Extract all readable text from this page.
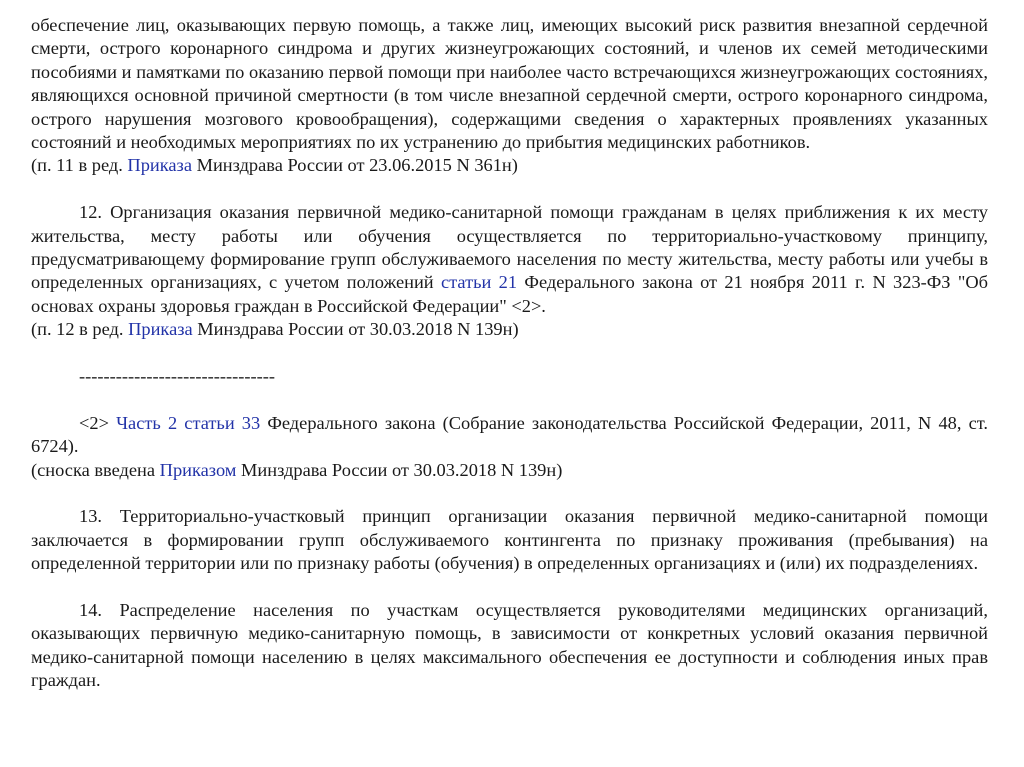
обеспечение лиц, оказывающих первую помощь, а также лиц, имеющих высокий риск развития внезапной сердечной смерти, острого коронарного синдрома и других жизнеугрожающих состояний, и членов их семей методическими пособиями и памятками по оказанию первой помощи при наиболее часто встречающихся жизнеугрожающих состояниях, являющихся основной причиной смертности (в том числе внезапной сердечной смерти, острого коронарного синдрома, острого нарушения мозгового кровообращения), содержащими сведения о характерных проявлениях указанных состояний и необходимых мероприятиях по их устранению до прибытия медицинских работников.

(п. 11 в ред. Приказа Минздрава России от 23.06.2015 N 361н)

12. Организация оказания первичной медико-санитарной помощи гражданам в целях приближения к их месту жительства, месту работы или обучения осуществляется по территориально-участковому принципу, предусматривающему формирование групп обслуживаемого населения по месту жительства, месту работы или учебы в определенных организациях, с учетом положений статьи 21 Федерального закона от 21 ноября 2011 г. N 323-ФЗ "Об основах охраны здоровья граждан в Российской Федерации" <2>.

(п. 12 в ред. Приказа Минздрава России от 30.03.2018 N 139н)

--------------------------------

<2> Часть 2 статьи 33 Федерального закона (Собрание законодательства Российской Федерации, 2011, N 48, ст. 6724).

(сноска введена Приказом Минздрава России от 30.03.2018 N 139н)

13. Территориально-участковый принцип организации оказания первичной медико-санитарной помощи заключается в формировании групп обслуживаемого контингента по признаку проживания (пребывания) на определенной территории или по признаку работы (обучения) в определенных организациях и (или) их подразделениях.

14. Распределение населения по участкам осуществляется руководителями медицинских организаций, оказывающих первичную медико-санитарную помощь, в зависимости от конкретных условий оказания первичной медико-санитарной помощи населению в целях максимального обеспечения ее доступности и соблюдения иных прав граждан.
